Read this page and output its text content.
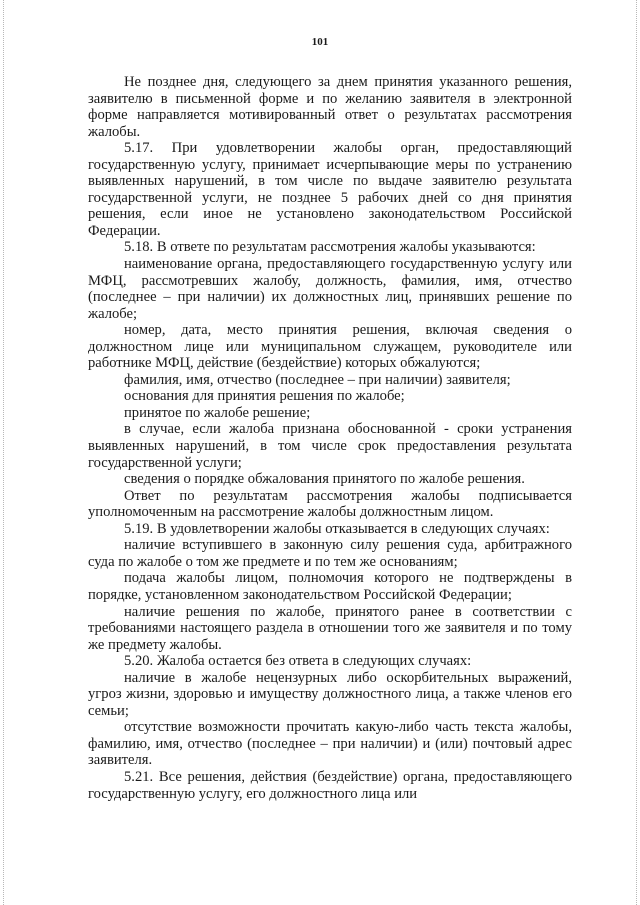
101

Не позднее дня, следующего за днем принятия указанного решения, заявителю в письменной форме и по желанию заявителя в электронной форме направляется мотивированный ответ о результатах рассмотрения жалобы.

5.17. При удовлетворении жалобы орган, предоставляющий государственную услугу, принимает исчерпывающие меры по устранению выявленных нарушений, в том числе по выдаче заявителю результата государственной услуги, не позднее 5 рабочих дней со дня принятия решения, если иное не установлено законодательством Российской Федерации.

5.18. В ответе по результатам рассмотрения жалобы указываются:

наименование органа, предоставляющего государственную услугу или МФЦ, рассмотревших жалобу, должность, фамилия, имя, отчество (последнее – при наличии) их должностных лиц, принявших решение по жалобе;

номер, дата, место принятия решения, включая сведения о должностном лице или муниципальном служащем, руководителе или работнике МФЦ, действие (бездействие) которых обжалуются;

фамилия, имя, отчество (последнее – при наличии) заявителя;

основания для принятия решения по жалобе;

принятое по жалобе решение;

в случае, если жалоба признана обоснованной - сроки устранения выявленных нарушений, в том числе срок предоставления результата государственной услуги;

сведения о порядке обжалования принятого по жалобе решения.

Ответ по результатам рассмотрения жалобы подписывается уполномоченным на рассмотрение жалобы должностным лицом.

5.19. В удовлетворении жалобы отказывается в следующих случаях:

наличие вступившего в законную силу решения суда, арбитражного суда по жалобе о том же предмете и по тем же основаниям;

подача жалобы лицом, полномочия которого не подтверждены в порядке, установленном законодательством Российской Федерации;

наличие решения по жалобе, принятого ранее в соответствии с требованиями настоящего раздела в отношении того же заявителя и по тому же предмету жалобы.

5.20. Жалоба остается без ответа в следующих случаях:

наличие в жалобе нецензурных либо оскорбительных выражений, угроз жизни, здоровью и имуществу должностного лица, а также членов его семьи;

отсутствие возможности прочитать какую-либо часть текста жалобы, фамилию, имя, отчество (последнее – при наличии) и (или) почтовый адрес заявителя.

5.21. Все решения, действия (бездействие) органа, предоставляющего государственную услугу, его должностного лица или
